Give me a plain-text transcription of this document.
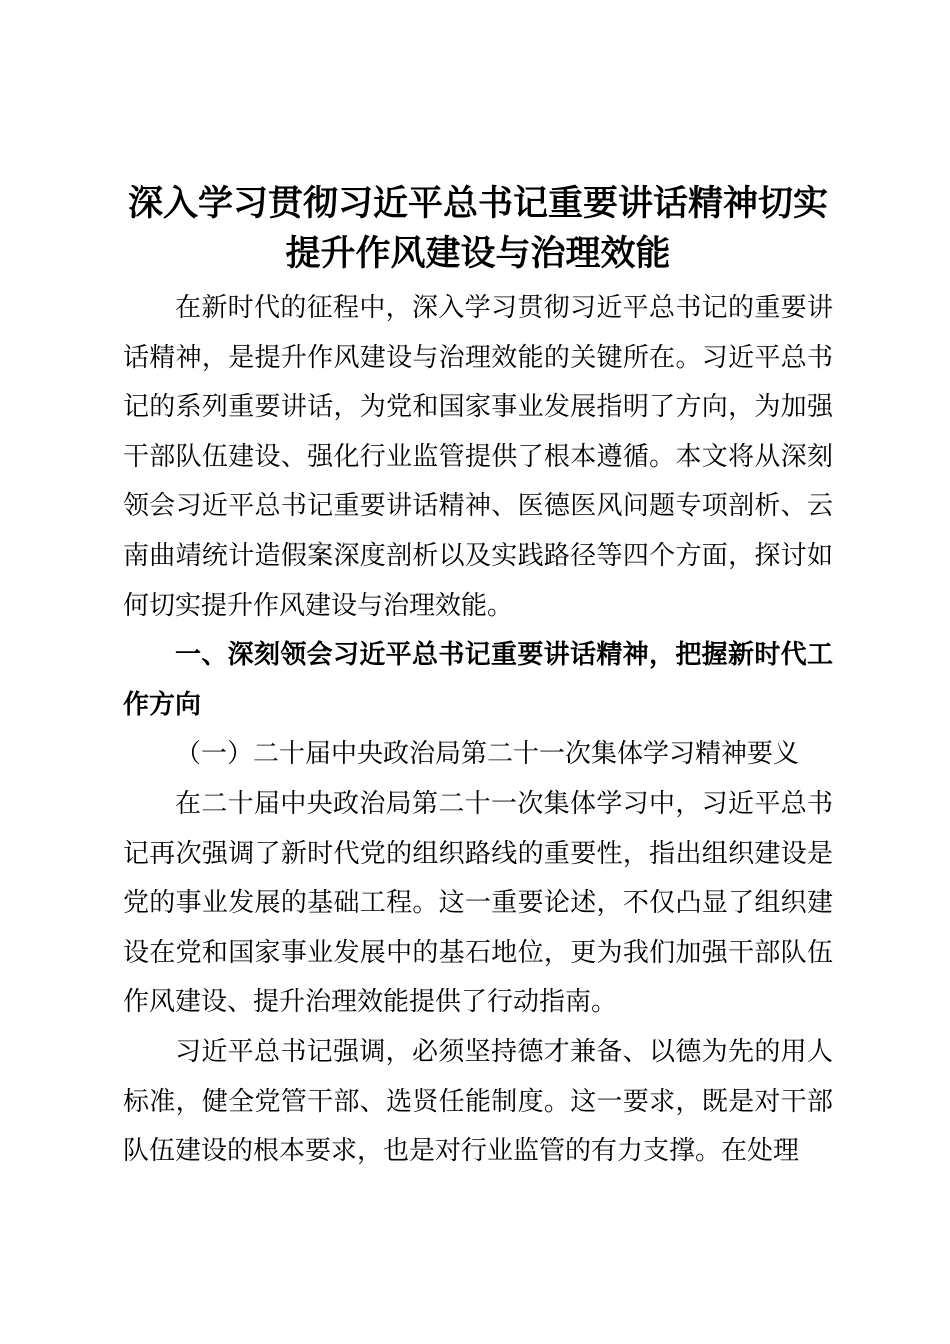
深入学习贯彻习近平总书记重要讲话精神切实提升作风建设与治理效能

在新时代的征程中，深入学习贯彻习近平总书记的重要讲话精神，是提升作风建设与治理效能的关键所在。习近平总书记的系列重要讲话，为党和国家事业发展指明了方向，为加强干部队伍建设、强化行业监管提供了根本遵循。本文将从深刻领会习近平总书记重要讲话精神、医德医风问题专项剖析、云南曲靖统计造假案深度剖析以及实践路径等四个方面，探讨如何切实提升作风建设与治理效能。

一、深刻领会习近平总书记重要讲话精神，把握新时代工作方向
（一）二十届中央政治局第二十一次集体学习精神要义

在二十届中央政治局第二十一次集体学习中，习近平总书记再次强调了新时代党的组织路线的重要性，指出组织建设是党的事业发展的基础工程。这一重要论述，不仅凸显了组织建设在党和国家事业发展中的基石地位，更为我们加强干部队伍作风建设、提升治理效能提供了行动指南。

习近平总书记强调，必须坚持德才兼备、以德为先的用人标准，健全党管干部、选贤任能制度。这一要求，既是对干部队伍建设的根本要求，也是对行业监管的有力支撑。在处理
